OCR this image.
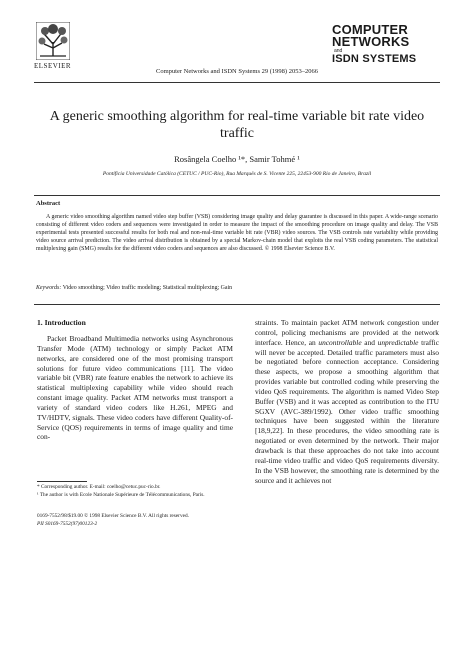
ELSEVIER
COMPUTER
NETWORKS
and
ISDN SYSTEMS
Computer Networks and ISDN Systems 29 (1998) 2053–2066
A generic smoothing algorithm for real-time variable bit rate video traffic
Rosângela Coelho ¹*, Samir Tohmé ¹
Pontificia Universidade Católica (CETUC / PUC-Rio), Rua Marquês de S. Vicente 225, 22453-900 Rio de Janeiro, Brazil
Abstract
A generic video smoothing algorithm named video step buffer (VSB) considering image quality and delay guarantee is discussed in this paper. A wide-range scenario consisting of different video coders and sequences were investigated in order to measure the impact of the smoothing procedure on image quality and delay. The VSB experimental tests presented successful results for both real and non-real-time variable bit rate (VBR) video sources. The VSB controls rate variability while providing video source arrival prediction. The video arrival distribution is obtained by a special Markov-chain model that exploits the real VSB coding parameters. The statistical multiplexing gain (SMG) results for the different video coders and sequences are also discussed. © 1998 Elsevier Science B.V.
Keywords: Video smoothing; Video traffic modeling; Statistical multiplexing; Gain
1. Introduction

Packet Broadband Multimedia networks using Asynchronous Transfer Mode (ATM) technology or simply Packet ATM networks, are considered one of the most promising transport solutions for future video communications [11]. The video variable bit (VBR) rate feature enables the network to achieve its statistical multiplexing capability while video should reach constant image quality. Packet ATM networks must transport a variety of standard video coders like H.261, MPEG and TV/HDTV, signals. These video coders have different Quality-of-Service (QOS) requirements in terms of image quality and time con-

straints. To maintain packet ATM network congestion under control, policing mechanisms are provided at the network interface. Hence, an uncontrollable and unpredictable traffic will never be accepted. Detailed traffic parameters must also be negotiated before connection acceptance. Considering these aspects, we propose a smoothing algorithm that provides variable but controlled coding while preserving the video QoS requirements. The algorithm is named Video Step Buffer (VSB) and it was accepted as contribution to the ITU SGXV (AVC-389/1992). Other video traffic smoothing techniques have been suggested within the literature [18,9,22]. In these procedures, the video smoothing rate is negotiated or even determined by the network. Their major drawback is that these approaches do not take into account real-time video traffic and video QoS requirements diversity. In the VSB however, the smoothing rate is determined by the source and it achieves not

* Corresponding author. E-mail: coelho@cetuc.puc-rio.br.
¹ The author is with Ecole Nationale Supérieure de Télécommunications, Paris.
0169-7552/98/$19.00 © 1998 Elsevier Science B.V. All rights reserved.
PII S0169-7552(97)00123-2
